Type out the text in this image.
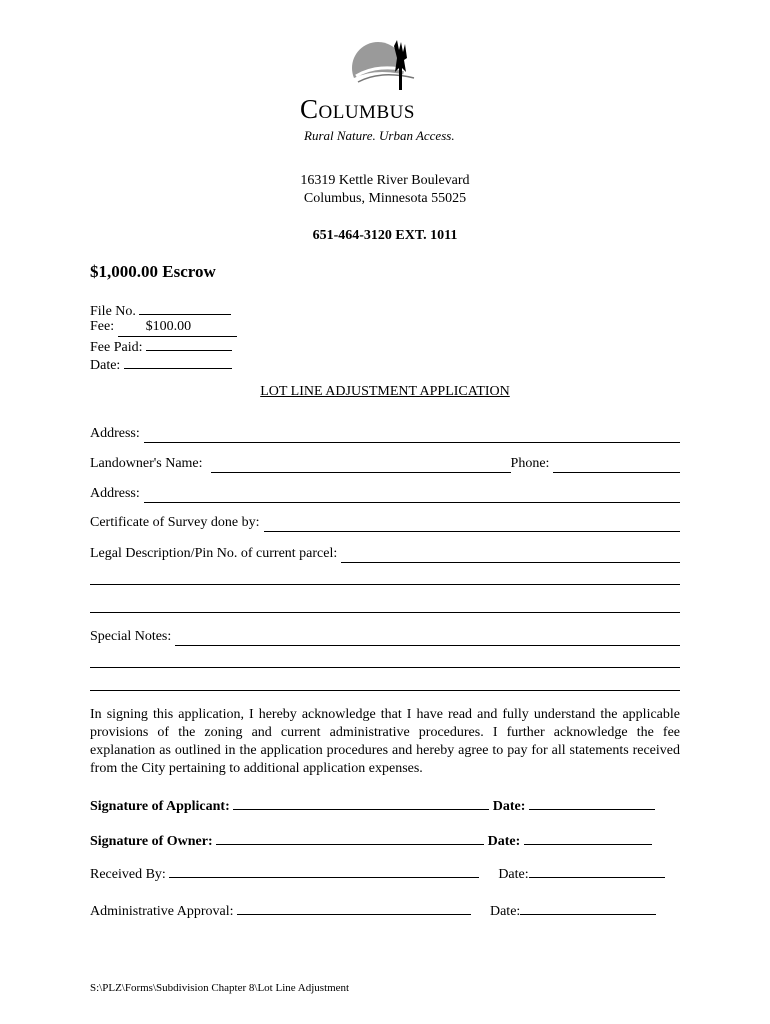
Columbus
Rural Nature. Urban Access.
16319 Kettle River Boulevard
Columbus, Minnesota 55025
651-464-3120 EXT. 1011
$1,000.00 Escrow
File No.
Fee: $100.00
Fee Paid:
Date:
LOT LINE ADJUSTMENT APPLICATION
Address:
Landowner's Name:	Phone:
Address:
Certificate of Survey done by:
Legal Description/Pin No. of current parcel:
Special Notes:
In signing this application, I hereby acknowledge that I have read and fully understand the applicable provisions of the zoning and current administrative procedures. I further acknowledge the fee explanation as outlined in the application procedures and hereby agree to pay for all statements received from the City pertaining to additional application expenses.
Signature of Applicant:	Date:
Signature of Owner:	Date:
Received By:	Date:
Administrative Approval:	Date:
S:\PLZ\Forms\Subdivision Chapter 8\Lot Line Adjustment
